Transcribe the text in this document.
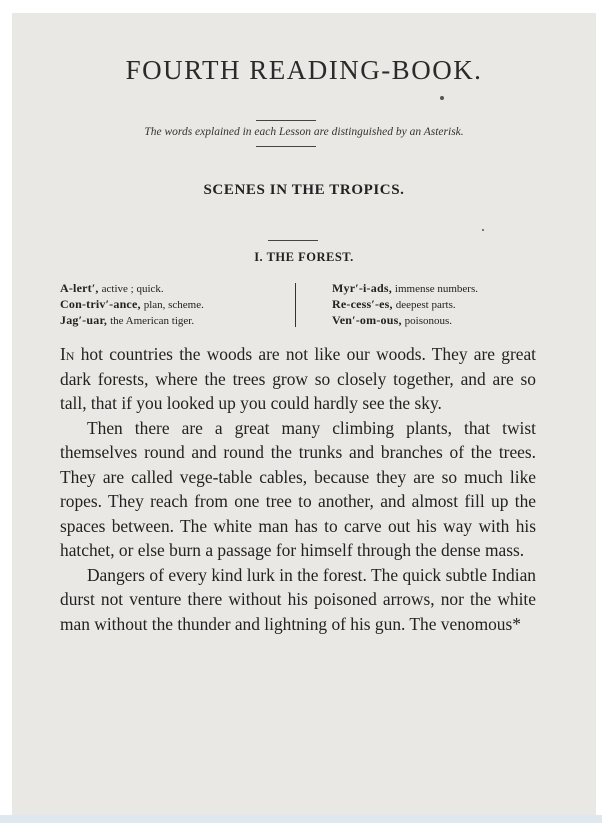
FOURTH READING-BOOK.
The words explained in each Lesson are distinguished by an Asterisk.
SCENES IN THE TROPICS.
I. THE FOREST.
A-lert′, active ; quick.
Con-triv′-ance, plan, scheme.
Jag′-uar, the American tiger.
Myr′-i-ads, immense numbers.
Re-cess′-es, deepest parts.
Ven′-om-ous, poisonous.

In hot countries the woods are not like our woods. They are great dark forests, where the trees grow so closely together, and are so tall, that if you looked up you could hardly see the sky.

Then there are a great many climbing plants, that twist themselves round and round the trunks and branches of the trees. They are called vege-table cables, because they are so much like ropes. They reach from one tree to another, and almost fill up the spaces between. The white man has to carve out his way with his hatchet, or else burn a passage for himself through the dense mass.

Dangers of every kind lurk in the forest. The quick subtle Indian durst not venture there without his poisoned arrows, nor the white man without the thunder and lightning of his gun. The venomous*
